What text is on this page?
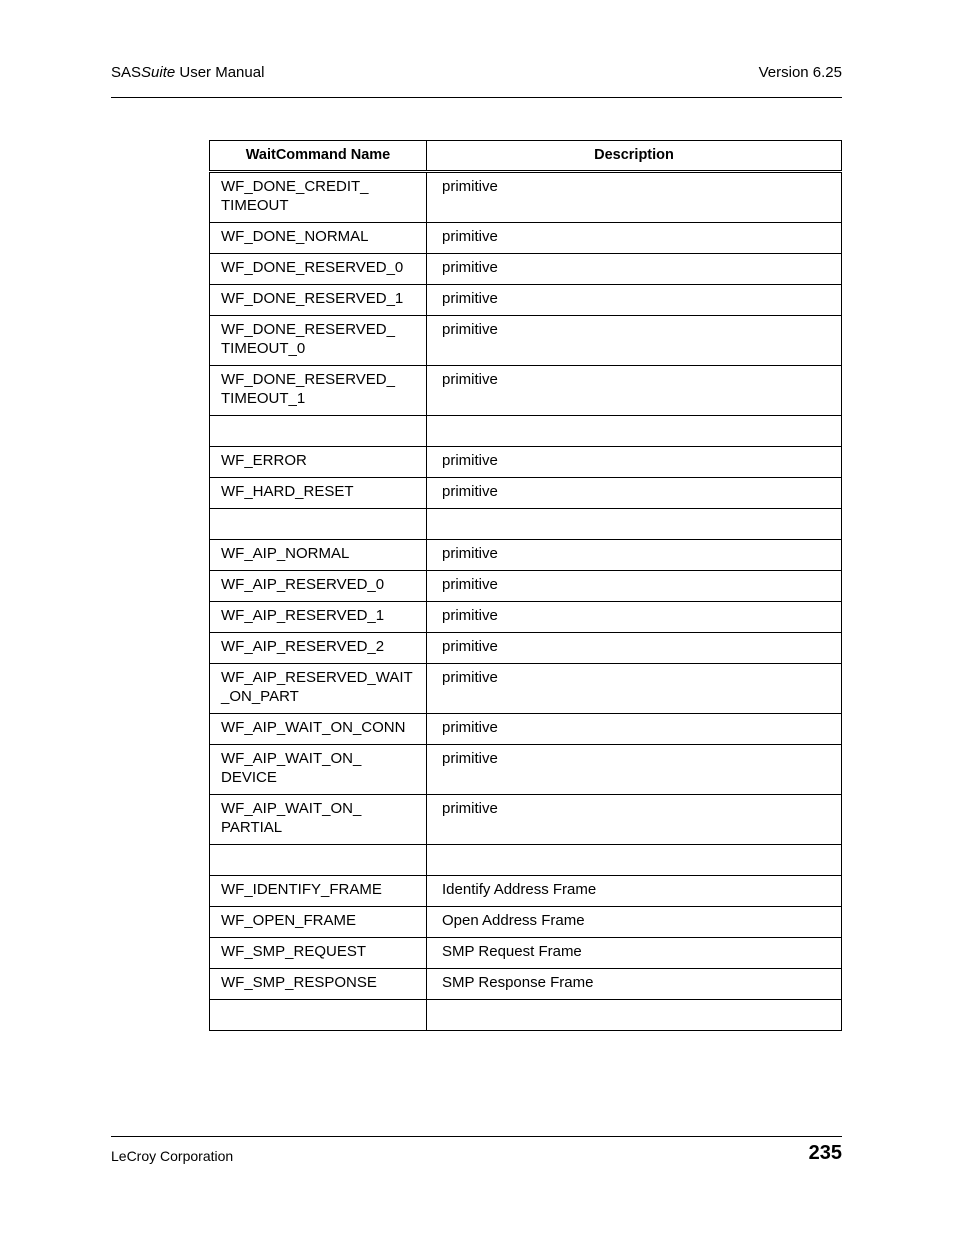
SASSuite User Manual	Version 6.25
WaitCommand Name	Description
WF_DONE_CREDIT_
TIMEOUT	primitive
WF_DONE_NORMAL	primitive
WF_DONE_RESERVED_0	primitive
WF_DONE_RESERVED_1	primitive
WF_DONE_RESERVED_
TIMEOUT_0	primitive
WF_DONE_RESERVED_
TIMEOUT_1	primitive

WF_ERROR	primitive
WF_HARD_RESET	primitive

WF_AIP_NORMAL	primitive
WF_AIP_RESERVED_0	primitive
WF_AIP_RESERVED_1	primitive
WF_AIP_RESERVED_2	primitive
WF_AIP_RESERVED_WAIT
_ON_PART	primitive
WF_AIP_WAIT_ON_CONN	primitive
WF_AIP_WAIT_ON_
DEVICE	primitive
WF_AIP_WAIT_ON_
PARTIAL	primitive

WF_IDENTIFY_FRAME	Identify Address Frame
WF_OPEN_FRAME	Open Address Frame
WF_SMP_REQUEST	SMP Request Frame
WF_SMP_RESPONSE	SMP Response Frame

LeCroy Corporation	235
